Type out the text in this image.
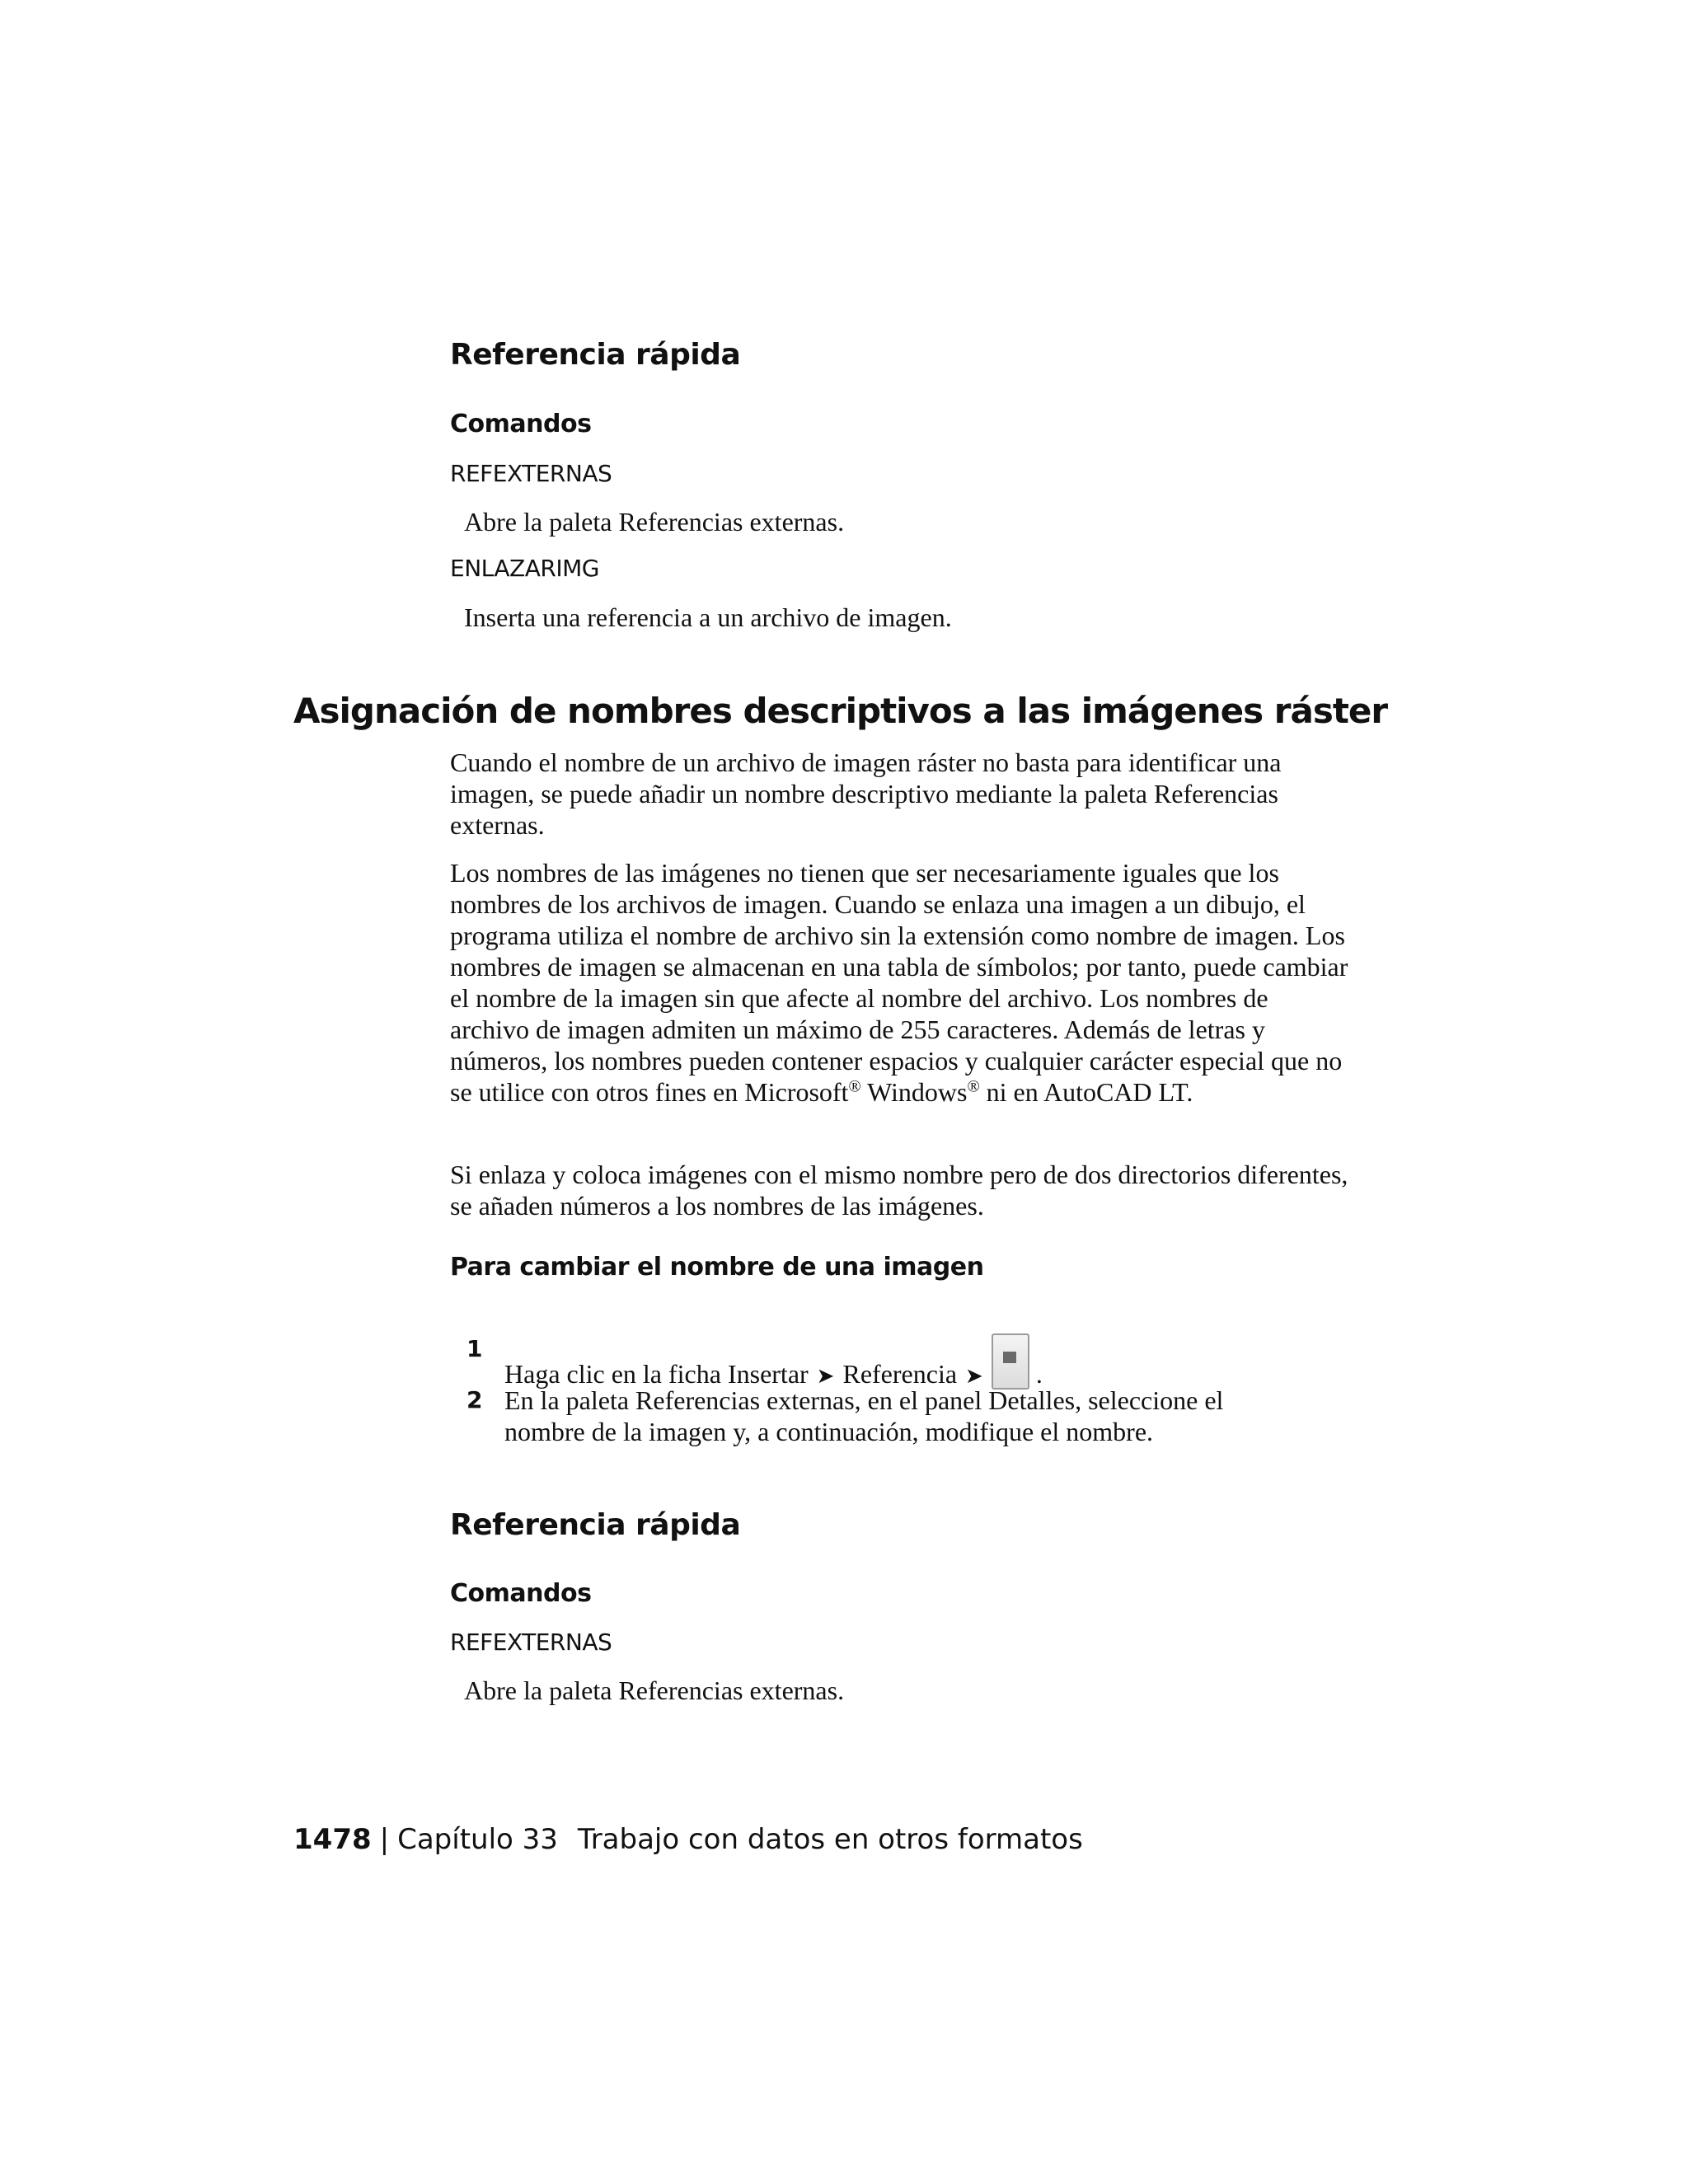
Referencia rápida
Comandos
REFEXTERNAS
Abre la paleta Referencias externas.
ENLAZARIMG
Inserta una referencia a un archivo de imagen.
Asignación de nombres descriptivos a las imágenes ráster
Cuando el nombre de un archivo de imagen ráster no basta para identificar una imagen, se puede añadir un nombre descriptivo mediante la paleta Referencias externas.
Los nombres de las imágenes no tienen que ser necesariamente iguales que los nombres de los archivos de imagen. Cuando se enlaza una imagen a un dibujo, el programa utiliza el nombre de archivo sin la extensión como nombre de imagen. Los nombres de imagen se almacenan en una tabla de símbolos; por tanto, puede cambiar el nombre de la imagen sin que afecte al nombre del archivo. Los nombres de archivo de imagen admiten un máximo de 255 caracteres. Además de letras y números, los nombres pueden contener espacios y cualquier carácter especial que no se utilice con otros fines en Microsoft® Windows® ni en AutoCAD LT.
Si enlaza y coloca imágenes con el mismo nombre pero de dos directorios diferentes, se añaden números a los nombres de las imágenes.
Para cambiar el nombre de una imagen
1
Haga clic en la ficha Insertar ➤ Referencia ➤ .
2 En la paleta Referencias externas, en el panel Detalles, seleccione el nombre de la imagen y, a continuación, modifique el nombre.
Referencia rápida
Comandos
REFEXTERNAS
Abre la paleta Referencias externas.
1478 | Capítulo 33 Trabajo con datos en otros formatos
